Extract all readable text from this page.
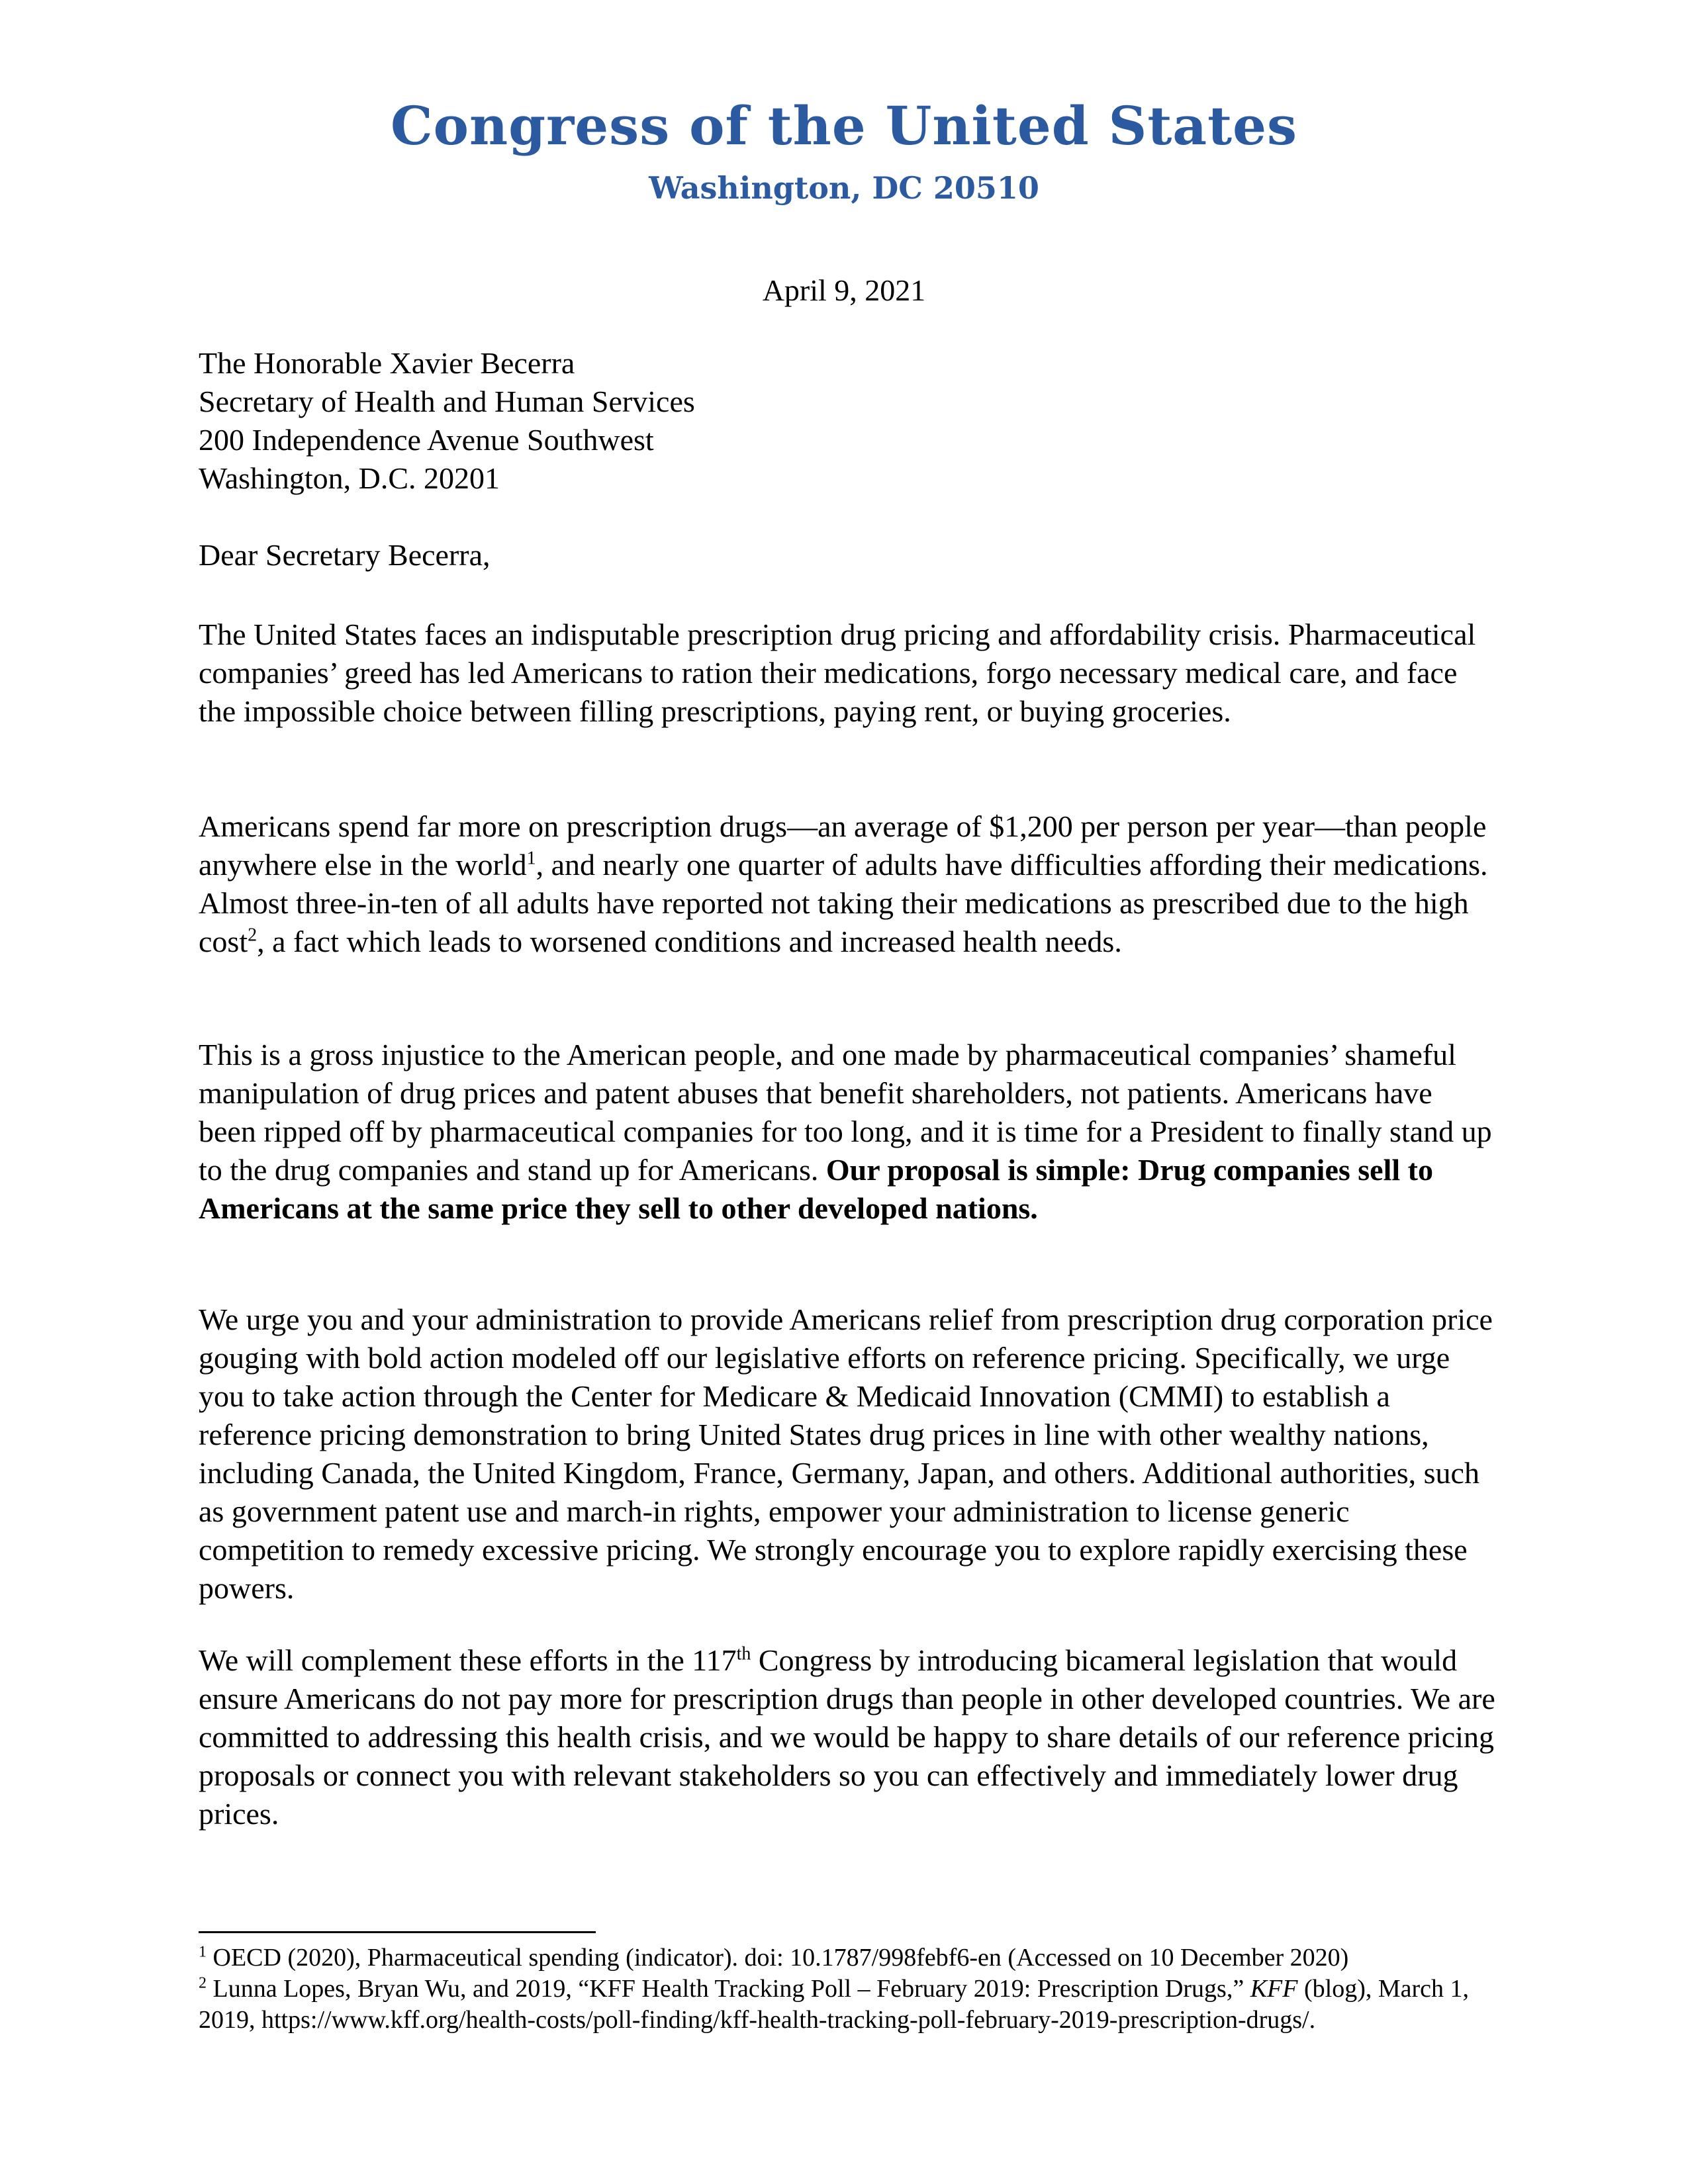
Congress of the United States
Washington, DC 20510
April 9, 2021
The Honorable Xavier Becerra
Secretary of Health and Human Services
200 Independence Avenue Southwest
Washington, D.C. 20201
Dear Secretary Becerra,

The United States faces an indisputable prescription drug pricing and affordability crisis. Pharmaceutical companies’ greed has led Americans to ration their medications, forgo necessary medical care, and face the impossible choice between filling prescriptions, paying rent, or buying groceries.

Americans spend far more on prescription drugs—an average of $1,200 per person per year—than people anywhere else in the world$^1$, and nearly one quarter of adults have difficulties affording their medications. Almost three-in-ten of all adults have reported not taking their medications as prescribed due to the high cost$^2$, a fact which leads to worsened conditions and increased health needs.

This is a gross injustice to the American people, and one made by pharmaceutical companies’ shameful manipulation of drug prices and patent abuses that benefit shareholders, not patients. Americans have been ripped off by pharmaceutical companies for too long, and it is time for a President to finally stand up to the drug companies and stand up for Americans. Our proposal is simple: Drug companies sell to Americans at the same price they sell to other developed nations.

We urge you and your administration to provide Americans relief from prescription drug corporation price gouging with bold action modeled off our legislative efforts on reference pricing. Specifically, we urge you to take action through the Center for Medicare & Medicaid Innovation (CMMI) to establish a reference pricing demonstration to bring United States drug prices in line with other wealthy nations, including Canada, the United Kingdom, France, Germany, Japan, and others. Additional authorities, such as government patent use and march-in rights, empower your administration to license generic competition to remedy excessive pricing. We strongly encourage you to explore rapidly exercising these powers.

We will complement these efforts in the 117th Congress by introducing bicameral legislation that would ensure Americans do not pay more for prescription drugs than people in other developed countries. We are committed to addressing this health crisis, and we would be happy to share details of our reference pricing proposals or connect you with relevant stakeholders so you can effectively and immediately lower drug prices.

$^1$ OECD (2020), Pharmaceutical spending (indicator). doi: 10.1787/998febf6-en (Accessed on 10 December 2020)

$^2$ Lunna Lopes, Bryan Wu, and 2019, “KFF Health Tracking Poll – February 2019: Prescription Drugs,” KFF (blog), March 1, 2019, https://www.kff.org/health-costs/poll-finding/kff-health-tracking-poll-february-2019-prescription-drugs/.
